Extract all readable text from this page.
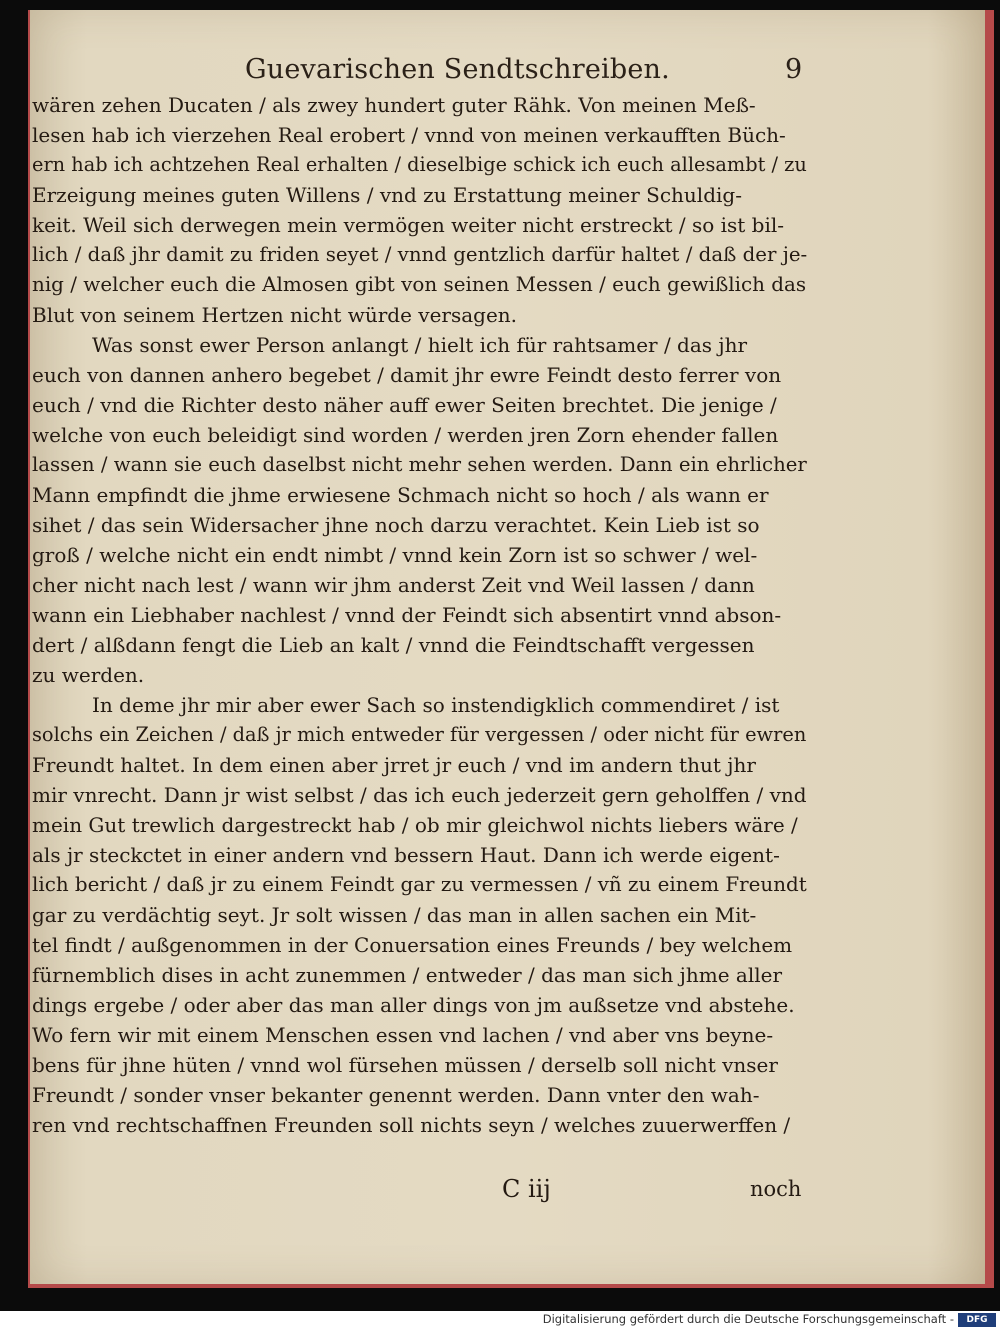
Guevarischen Sendtschreiben.	9
wären zehen Ducaten / als zwey hundert guter Rähk. Von meinen Meß-
lesen hab ich vierzehen Real erobert / vnnd von meinen verkaufften Büch-
ern hab ich achtzehen Real erhalten / dieselbige schick ich euch allesambt / zu
Erzeigung meines guten Willens / vnd zu Erstattung meiner Schuldig-
keit. Weil sich derwegen mein vermögen weiter nicht erstreckt / so ist bil-
lich / daß jhr damit zu friden seyet / vnnd gentzlich darfür haltet / daß der je-
nig / welcher euch die Almosen gibt von seinen Messen / euch gewißlich das
Blut von seinem Hertzen nicht würde versagen.
Was sonst ewer Person anlangt / hielt ich für rahtsamer / das jhr
euch von dannen anhero begebet / damit jhr ewre Feindt desto ferrer von
euch / vnd die Richter desto näher auff ewer Seiten brechtet. Die jenige /
welche von euch beleidigt sind worden / werden jren Zorn ehender fallen
lassen / wann sie euch daselbst nicht mehr sehen werden. Dann ein ehrlicher
Mann empfindt die jhme erwiesene Schmach nicht so hoch / als wann er
sihet / das sein Widersacher jhne noch darzu verachtet. Kein Lieb ist so
groß / welche nicht ein endt nimbt / vnnd kein Zorn ist so schwer / wel-
cher nicht nach lest / wann wir jhm anderst Zeit vnd Weil lassen / dann
wann ein Liebhaber nachlest / vnnd der Feindt sich absentirt vnnd abson-
dert / alßdann fengt die Lieb an kalt / vnnd die Feindtschafft vergessen
zu werden.
In deme jhr mir aber ewer Sach so instendigklich commendiret / ist
solchs ein Zeichen / daß jr mich entweder für vergessen / oder nicht für ewren
Freundt haltet. In dem einen aber jrret jr euch / vnd im andern thut jhr
mir vnrecht. Dann jr wist selbst / das ich euch jederzeit gern geholffen / vnd
mein Gut trewlich dargestreckt hab / ob mir gleichwol nichts liebers wäre /
als jr steckctet in einer andern vnd bessern Haut. Dann ich werde eigent-
lich bericht / daß jr zu einem Feindt gar zu vermessen / vñ zu einem Freundt
gar zu verdächtig seyt. Jr solt wissen / das man in allen sachen ein Mit-
tel findt / außgenommen in der Conuersation eines Freunds / bey welchem
fürnemblich dises in acht zunemmen / entweder / das man sich jhme aller
dings ergebe / oder aber das man aller dings von jm außsetze vnd abstehe.
Wo fern wir mit einem Menschen essen vnd lachen / vnd aber vns beyne-
bens für jhne hüten / vnnd wol fürsehen müssen / derselb soll nicht vnser
Freundt / sonder vnser bekanter genennt werden. Dann vnter den wah-
ren vnd rechtschaffnen Freunden soll nichts seyn / welches zuuerwerffen /
C iij	noch
Digitalisierung gefördert durch die Deutsche Forschungsgemeinschaft -	DFG
